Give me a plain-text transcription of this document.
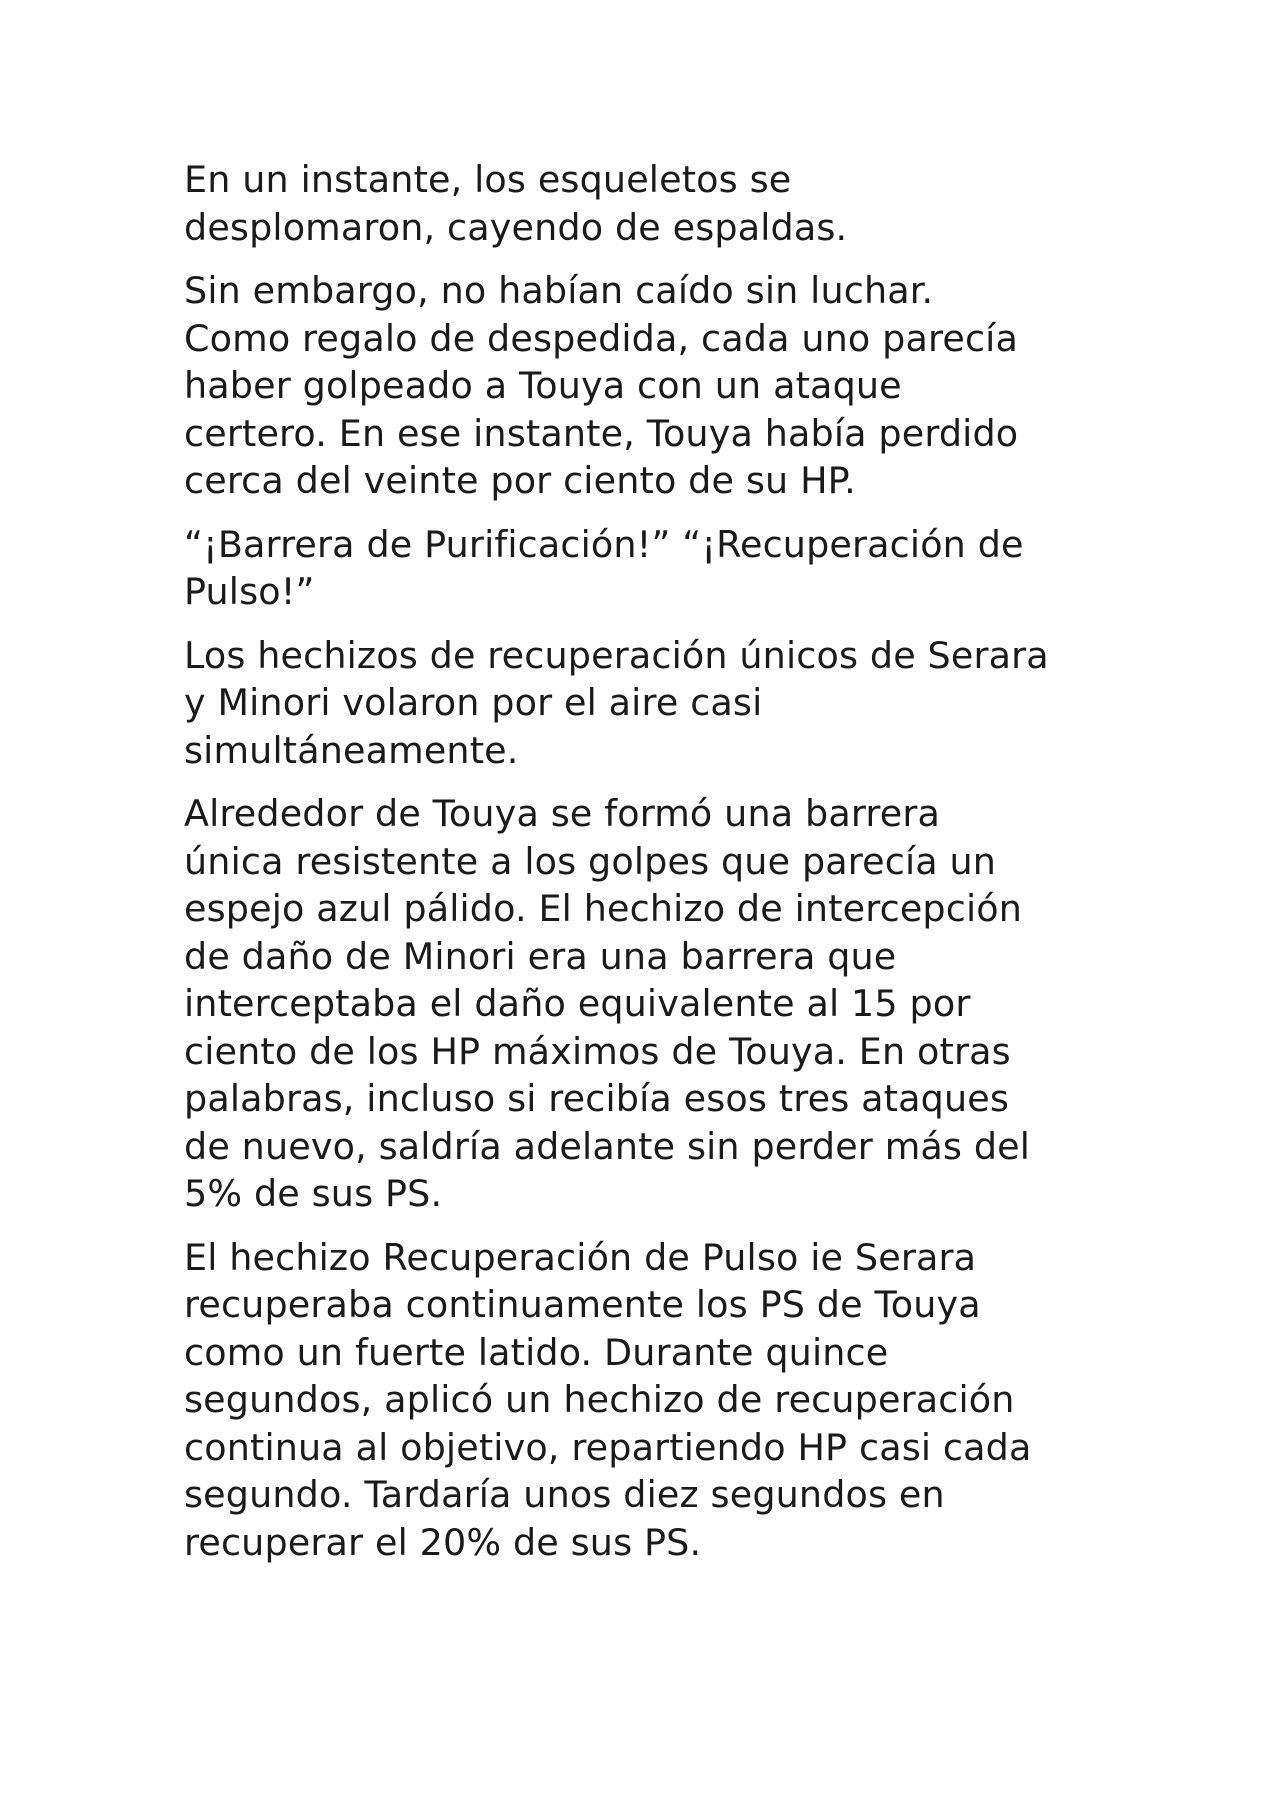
En un instante, los esqueletos se
desplomaron, cayendo de espaldas.

Sin embargo, no habían caído sin luchar.
Como regalo de despedida, cada uno parecía
haber golpeado a Touya con un ataque
certero. En ese instante, Touya había perdido
cerca del veinte por ciento de su HP.

“¡Barrera de Purificación!” “¡Recuperación de
Pulso!”

Los hechizos de recuperación únicos de Serara
y Minori volaron por el aire casi
simultáneamente.

Alrededor de Touya se formó una barrera
única resistente a los golpes que parecía un
espejo azul pálido. El hechizo de intercepción
de daño de Minori era una barrera que
interceptaba el daño equivalente al 15 por
ciento de los HP máximos de Touya. En otras
palabras, incluso si recibía esos tres ataques
de nuevo, saldría adelante sin perder más del
5% de sus PS.

El hechizo Recuperación de Pulso ie Serara
recuperaba continuamente los PS de Touya
como un fuerte latido. Durante quince
segundos, aplicó un hechizo de recuperación
continua al objetivo, repartiendo HP casi cada
segundo. Tardaría unos diez segundos en
recuperar el 20% de sus PS.
